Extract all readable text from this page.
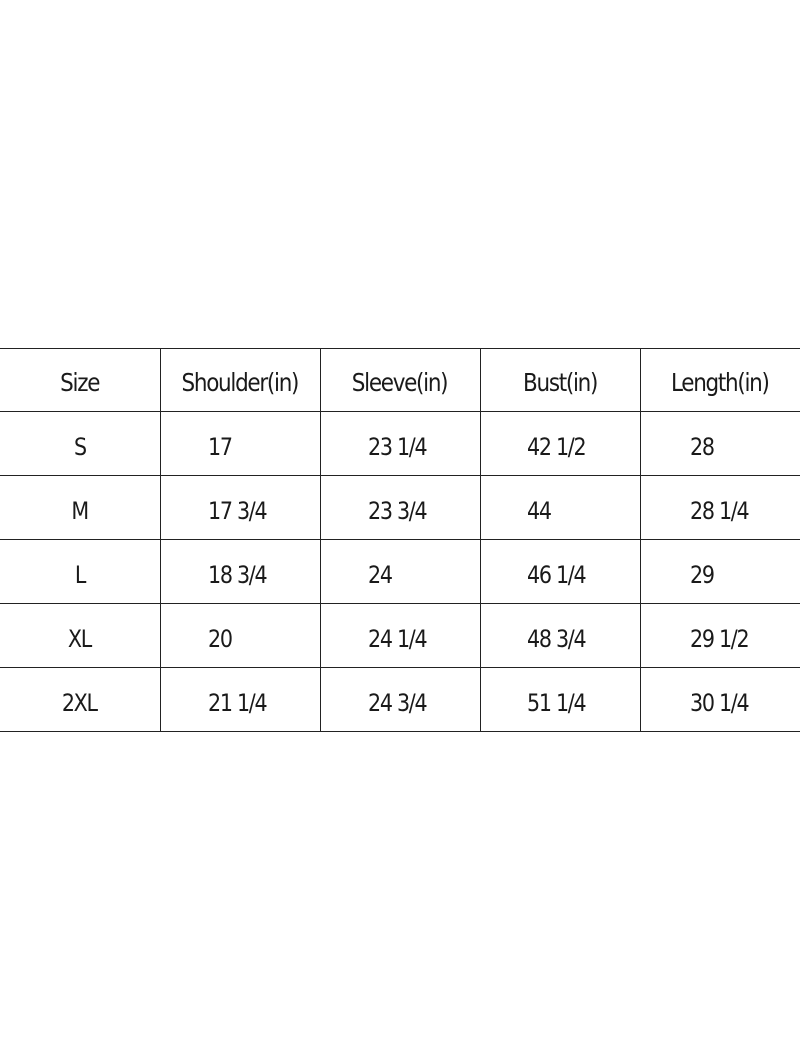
Size	Shoulder(in)	Sleeve(in)	Bust(in)	Length(in)
S	17	23 1/4	42 1/2	28
M	17 3/4	23 3/4	44	28 1/4
L	18 3/4	24	46 1/4	29
XL	20	24 1/4	48 3/4	29 1/2
2XL	21 1/4	24 3/4	51 1/4	30 1/4
